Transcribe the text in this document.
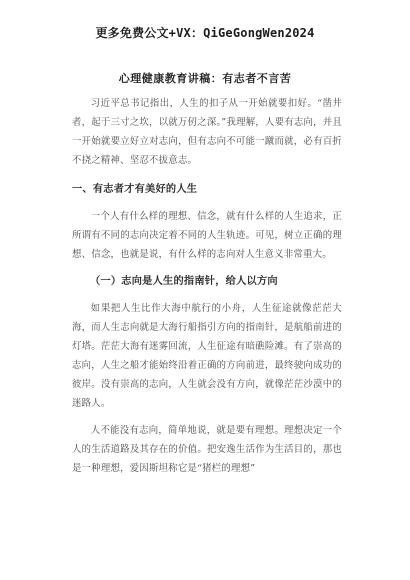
更多免费公文+VX：QiGeGongWen2024
心理健康教育讲稿：有志者不言苦

习近平总书记指出，人生的扣子从一开始就要扣好。“凿井者，起于三寸之坎，以就万仞之深。”我理解，人要有志向，并且一开始就要立好立对志向，但有志向不可能一蹴而就，必有百折不挠之精神、坚忍不拔意志。

一、有志者才有美好的人生

一个人有什么样的理想、信念，就有什么样的人生追求，正所谓有不同的志向决定着不同的人生轨迹。可见，树立正确的理想、信念，也就是说，有什么样的志向对人生意义非常重大。

（一）志向是人生的指南针，给人以方向

如果把人生比作大海中航行的小舟，人生征途就像茫茫大海，而人生志向就是大海行船指引方向的指南针，是航船前进的灯塔。茫茫大海有迷雾回流，人生征途有暗礁险滩。有了崇高的志向，人生之船才能始终沿着正确的方向前进，最终驶向成功的彼岸。没有崇高的志向，人生就会没有方向，就像茫茫沙漠中的迷路人。

人不能没有志向，简单地说，就是要有理想。理想决定一个人的生活道路及其存在的价值。把安逸生活作为生活目的，那也是一种理想，爱因斯坦称它是“猪栏的理想”
